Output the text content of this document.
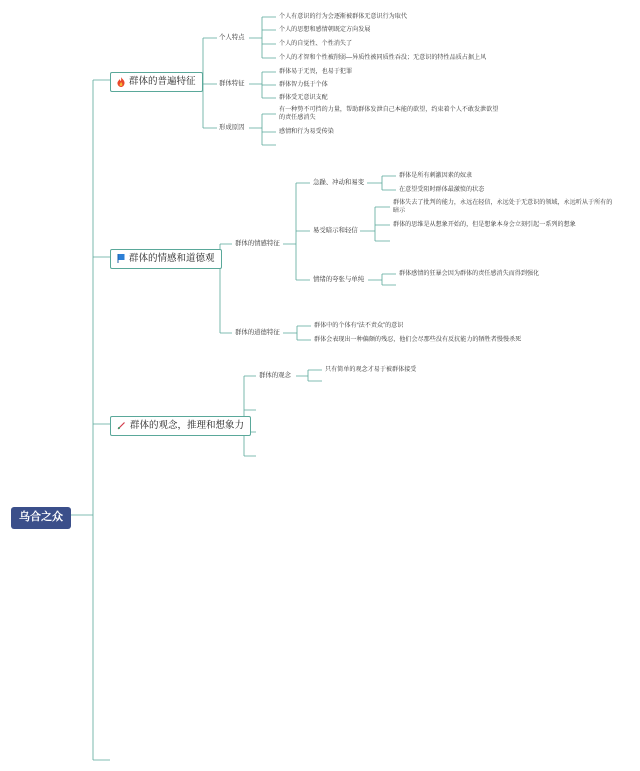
乌合之众
群体的普遍特征
个人特点
个人有意识的行为会逐渐被群体无意识行为取代
个人的思想和感情朝既定方向发展
个人的自觉性、个性消失了
个人的才智和个性被削弱—异质性被同质性吞没；无意识的特性品质占据上风
群体特征
群体易于无畏，也易于犯罪
群体智力低于个体
群体受无意识支配
形成原因
有一种势不可挡的力量，帮助群体发泄自己本能的欲望，约束着个人不敢发泄欲望的责任感消失
感情和行为易受传染
群体的情感和道德观
群体的情感特征
急躁、冲动和易变
群体是所有刺激因素的奴隶
在意望受阻时群体最激愤的状态
易受暗示和轻信
群体失去了批判的能力，永远在轻信，永远处于无意识的领域，永远听从于所有的暗示
群体的思维是从想象开始的，但是想象本身会立刻引起一系列的想象
情绪的夸张与单纯
群体感情的狂暴会因为群体的责任感消失而得到强化
群体的道德特征
群体中的个体有“法不责众”的意识
群体会表现出一种偏颇的残忍，他们会尽那些没有反抗能力的牺牲者慢慢杀死
群体的观念，推理和想象力
群体的观念
只有简单的观念才易于被群体接受
